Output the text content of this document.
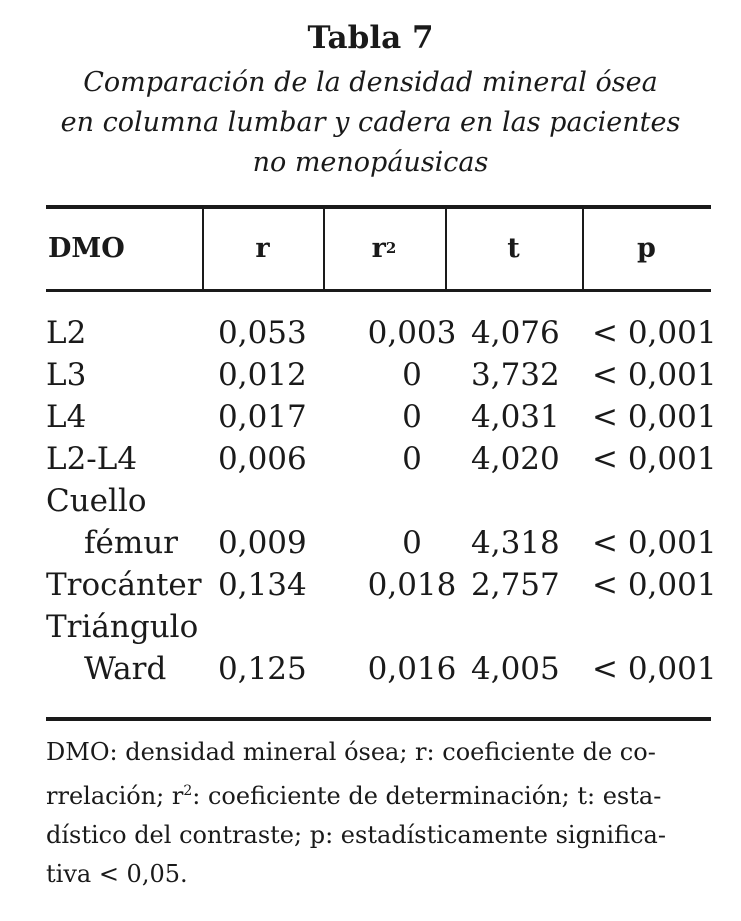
Tabla 7
Comparación de la densidad mineral ósea
en columna lumbar y cadera en las pacientes
no menopáusicas
DMO	r	$r^2$	t	p
L2	0,053	0,003 4,076	< 0,001
L3	0,012	0	3,732	< 0,001
L4	0,017	0	4,031	< 0,001
L2-L4	0,006	0	4,020	< 0,001
Cuello
fémur 0,009	0	4,318	< 0,001
Trocánter 0,134	0,018 2,757	< 0,001
Triángulo
Ward 0,125	0,016 4,005	< 0,001
DMO: densidad mineral ósea; r: coeficiente de co-
rrelación; $r^2$: coeficiente de determinación; t: esta-
dístico del contraste; p: estadísticamente significa-
tiva < 0,05.
